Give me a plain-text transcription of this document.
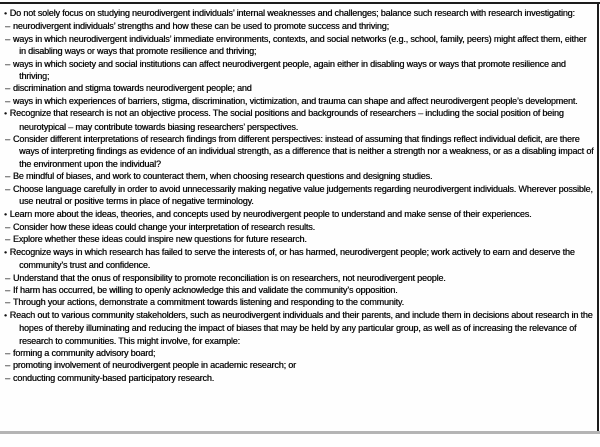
• Do not solely focus on studying neurodivergent individuals’ internal weaknesses and challenges; balance such research with research investigating:
– neurodivergent individuals’ strengths and how these can be used to promote success and thriving;
– ways in which neurodivergent individuals’ immediate environments, contexts, and social networks (e.g., school, family, peers) might affect them, either in disabling ways or ways that promote resilience and thriving;
– ways in which society and social institutions can affect neurodivergent people, again either in disabling ways or ways that promote resilience and thriving;
– discrimination and stigma towards neurodivergent people; and
– ways in which experiences of barriers, stigma, discrimination, victimization, and trauma can shape and affect neurodivergent people’s development.
• Recognize that research is not an objective process. The social positions and backgrounds of researchers – including the social position of being neurotypical – may contribute towards biasing researchers’ perspectives.
– Consider different interpretations of research findings from different perspectives: instead of assuming that findings reflect individual deficit, are there ways of interpreting findings as evidence of an individual strength, as a difference that is neither a strength nor a weakness, or as a disabling impact of the environment upon the individual?
– Be mindful of biases, and work to counteract them, when choosing research questions and designing studies.
– Choose language carefully in order to avoid unnecessarily making negative value judgements regarding neurodivergent individuals. Wherever possible, use neutral or positive terms in place of negative terminology.
• Learn more about the ideas, theories, and concepts used by neurodivergent people to understand and make sense of their experiences.
– Consider how these ideas could change your interpretation of research results.
– Explore whether these ideas could inspire new questions for future research.
• Recognize ways in which research has failed to serve the interests of, or has harmed, neurodivergent people; work actively to earn and deserve the community’s trust and confidence.
– Understand that the onus of responsibility to promote reconciliation is on researchers, not neurodivergent people.
– If harm has occurred, be willing to openly acknowledge this and validate the community’s opposition.
– Through your actions, demonstrate a commitment towards listening and responding to the community.
• Reach out to various community stakeholders, such as neurodivergent individuals and their parents, and include them in decisions about research in the hopes of thereby illuminating and reducing the impact of biases that may be held by any particular group, as well as of increasing the relevance of research to communities. This might involve, for example:
– forming a community advisory board;
– promoting involvement of neurodivergent people in academic research; or
– conducting community-based participatory research.
